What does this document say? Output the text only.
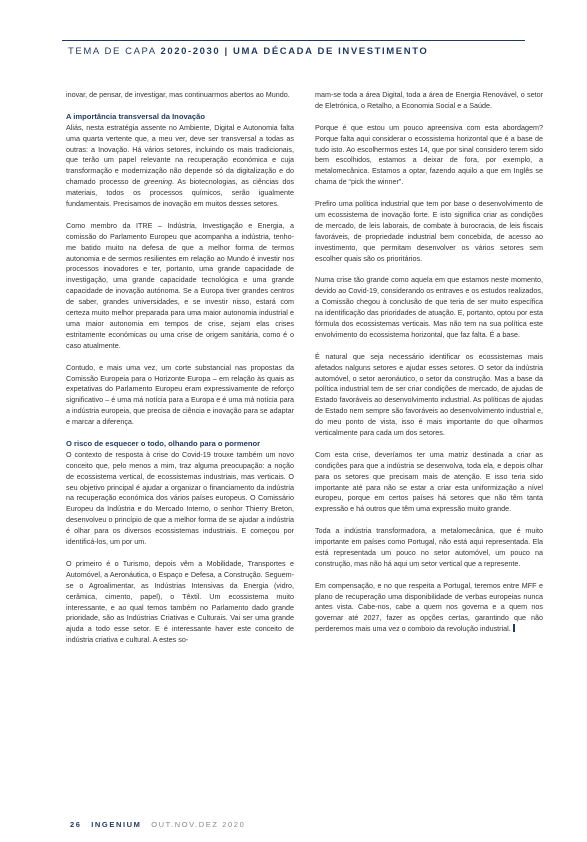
TEMA DE CAPA 2020-2030 | UMA DÉCADA DE INVESTIMENTO

inovar, de pensar, de investigar, mas continuarmos abertos ao Mundo.

A importância transversal da Inovação

Aliás, nesta estratégia assente no Ambiente, Digital e Autonomia falta uma quarta vertente que, a meu ver, deve ser transversal a todas as outras: a Inovação. Há vários setores, incluindo os mais tradicionais, que terão um papel relevante na recuperação económica e cuja transformação e modernização não depende só da digitalização e do chamado processo de greening. As biotecnologias, as ciências dos materiais, todos os processos químicos, serão igualmente fundamentais. Precisamos de inovação em muitos desses setores.

Como membro da ITRE – Indústria, Investigação e Energia, a comissão do Parlamento Europeu que acompanha a indústria, tenho-me batido muito na defesa de que a melhor forma de termos autonomia e de sermos resilientes em relação ao Mundo é investir nos processos inovadores e ter, portanto, uma grande capacidade de investigação, uma grande capacidade tecnológica e uma grande capacidade de inovação autónoma. Se a Europa tiver grandes centros de saber, grandes universidades, e se investir nisso, estará com certeza muito melhor preparada para uma maior autonomia industrial e uma maior autonomia em tempos de crise, sejam elas crises estritamente económicas ou uma crise de origem sanitária, como é o caso atualmente.

Contudo, e mais uma vez, um corte substancial nas propostas da Comissão Europeia para o Horizonte Europa – em relação às quais as expetativas do Parlamento Europeu eram expressivamente de reforço significativo – é uma má notícia para a Europa e é uma má notícia para a indústria europeia, que precisa de ciência e inovação para se adaptar e marcar a diferença.

O risco de esquecer o todo, olhando para o pormenor

O contexto de resposta à crise do Covid-19 trouxe também um novo conceito que, pelo menos a mim, traz alguma preocupação: a noção de ecossistema vertical, de ecossistemas industriais, mas verticais. O seu objetivo principal é ajudar a organizar o financiamento da indústria na recuperação económica dos vários países europeus. O Comissário Europeu da Indústria e do Mercado Interno, o senhor Thierry Breton, desenvolveu o princípio de que a melhor forma de se ajudar a indústria é olhar para os diversos ecossistemas industriais. E começou por identificá-los, um por um.

O primeiro é o Turismo, depois vêm a Mobilidade, Transportes e Automóvel, a Aeronáutica, o Espaço e Defesa, a Construção. Seguem-se o Agroalimentar, as Indústrias Intensivas da Energia (vidro, cerâmica, cimento, papel), o Têxtil. Um ecossistema muito interessante, e ao qual temos também no Parlamento dado grande prioridade, são as Indústrias Criativas e Culturais. Vai ser uma grande ajuda a todo esse setor. E é interessante haver este conceito de indústria criativa e cultural. A estes so-

mam-se toda a área Digital, toda a área de Energia Renovável, o setor de Eletrónica, o Retalho, a Economia Social e a Saúde.

Porque é que estou um pouco apreensiva com esta abordagem? Porque falta aqui considerar o ecossistema horizontal que é a base de tudo isto. Ao escolhermos estes 14, que por sinal considero terem sido bem escolhidos, estamos a deixar de fora, por exemplo, a metalomecânica. Estamos a optar, fazendo aquilo a que em Inglês se chama de “pick the winner”.

Prefiro uma política industrial que tem por base o desenvolvimento de um ecossistema de inovação forte. E isto significa criar as condições de mercado, de leis laborais, de combate à burocracia, de leis fiscais favoráveis, de propriedade industrial bem concebida, de acesso ao investimento, que permitam desenvolver os vários setores sem escolher quais são os prioritários.

Numa crise tão grande como aquela em que estamos neste momento, devido ao Covid-19, considerando os entraves e os estudos realizados, a Comissão chegou à conclusão de que teria de ser muito específica na identificação das prioridades de atuação. E, portanto, optou por esta fórmula dos ecossistemas verticais. Mas não tem na sua política este envolvimento do ecossistema horizontal, que faz falta. É a base.

É natural que seja necessário identificar os ecossistemas mais afetados nalguns setores e ajudar esses setores. O setor da indústria automóvel, o setor aeronáutico, o setor da construção. Mas a base da política industrial tem de ser criar condições de mercado, de ajudas de Estado favoráveis ao desenvolvimento industrial. As políticas de ajudas de Estado nem sempre são favoráveis ao desenvolvimento industrial e, do meu ponto de vista, isso é mais importante do que olharmos verticalmente para cada um dos setores.

Com esta crise, deveríamos ter uma matriz destinada a criar as condições para que a indústria se desenvolva, toda ela, e depois olhar para os setores que precisam mais de atenção. E isso teria sido importante até para não se estar a criar esta uniformização a nível europeu, porque em certos países há setores que não têm tanta expressão e há outros que têm uma expressão muito grande.

Toda a indústria transformadora, a metalomecânica, que é muito importante em países como Portugal, não está aqui representada. Ela está representada um pouco no setor automóvel, um pouco na construção, mas não há aqui um setor vertical que a represente.

Em compensação, e no que respeita a Portugal, teremos entre MFF e plano de recuperação uma disponibilidade de verbas europeias nunca antes vista. Cabe-nos, cabe a quem nos governa e a quem nos governar até 2027, fazer as opções certas, garantindo que não perderemos mais uma vez o comboio da revolução industrial.

26 INGENIUM OUT.NOV.DEZ 2020
